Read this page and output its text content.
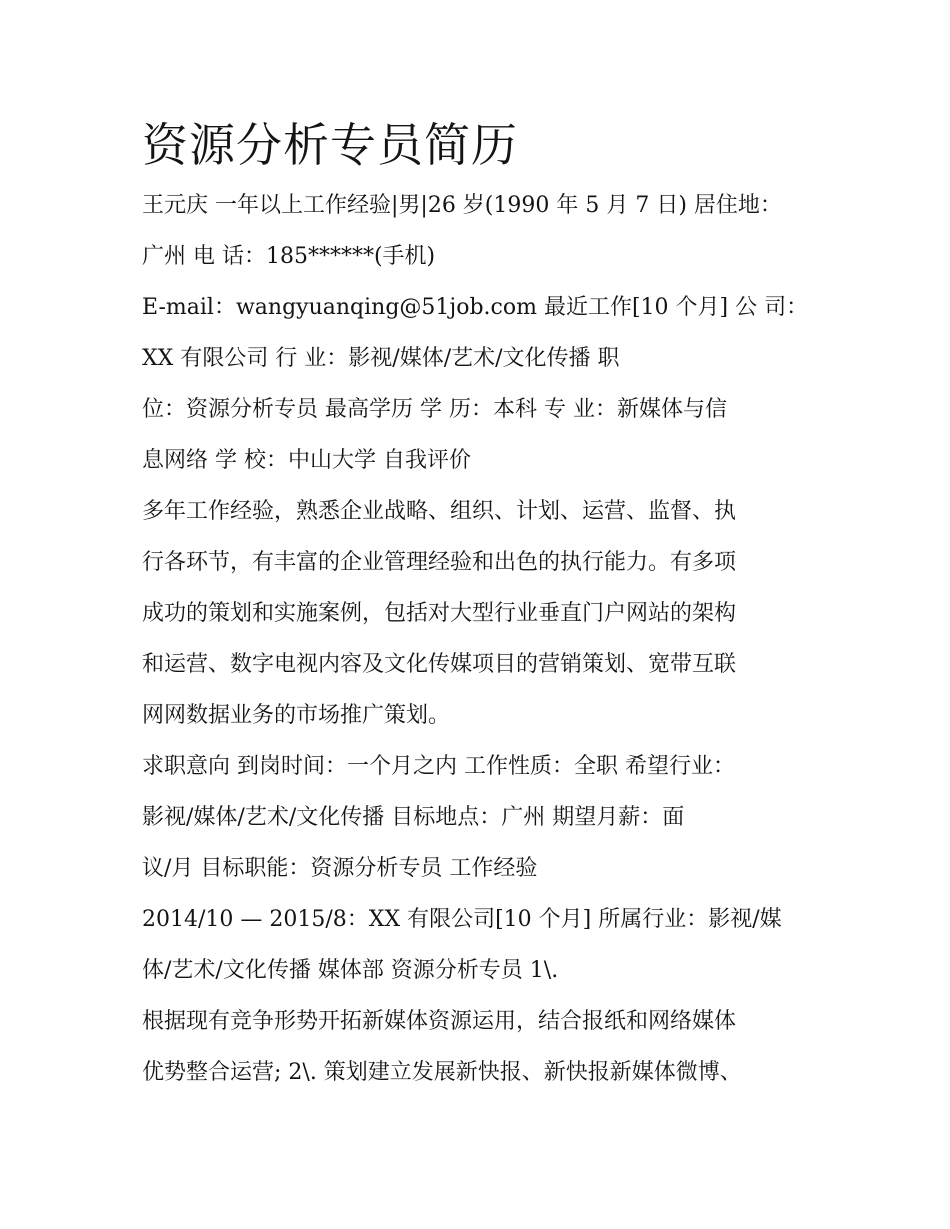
资源分析专员简历

王元庆 一年以上工作经验|男|26 岁(1990 年 5 月 7 日) 居住地：
广州 电 话：185******(手机)

E-mail：wangyuanqing@51job.com 最近工作[10 个月] 公 司：
XX 有限公司 行 业：影视/媒体/艺术/文化传播 职
位：资源分析专员 最高学历 学 历：本科 专 业：新媒体与信
息网络 学 校：中山大学 自我评价

多年工作经验，熟悉企业战略、组织、计划、运营、监督、执
行各环节，有丰富的企业管理经验和出色的执行能力。有多项
成功的策划和实施案例，包括对大型行业垂直门户网站的架构
和运营、数字电视内容及文化传媒项目的营销策划、宽带互联
网网数据业务的市场推广策划。

求职意向 到岗时间：一个月之内 工作性质：全职 希望行业：
影视/媒体/艺术/文化传播 目标地点：广州 期望月薪：面
议/月 目标职能：资源分析专员 工作经验

2014/10 — 2015/8：XX 有限公司[10 个月] 所属行业：影视/媒
体/艺术/文化传播 媒体部 资源分析专员 1\.

根据现有竞争形势开拓新媒体资源运用，结合报纸和网络媒体
优势整合运营; 2\. 策划建立发展新快报、新快报新媒体微博、
